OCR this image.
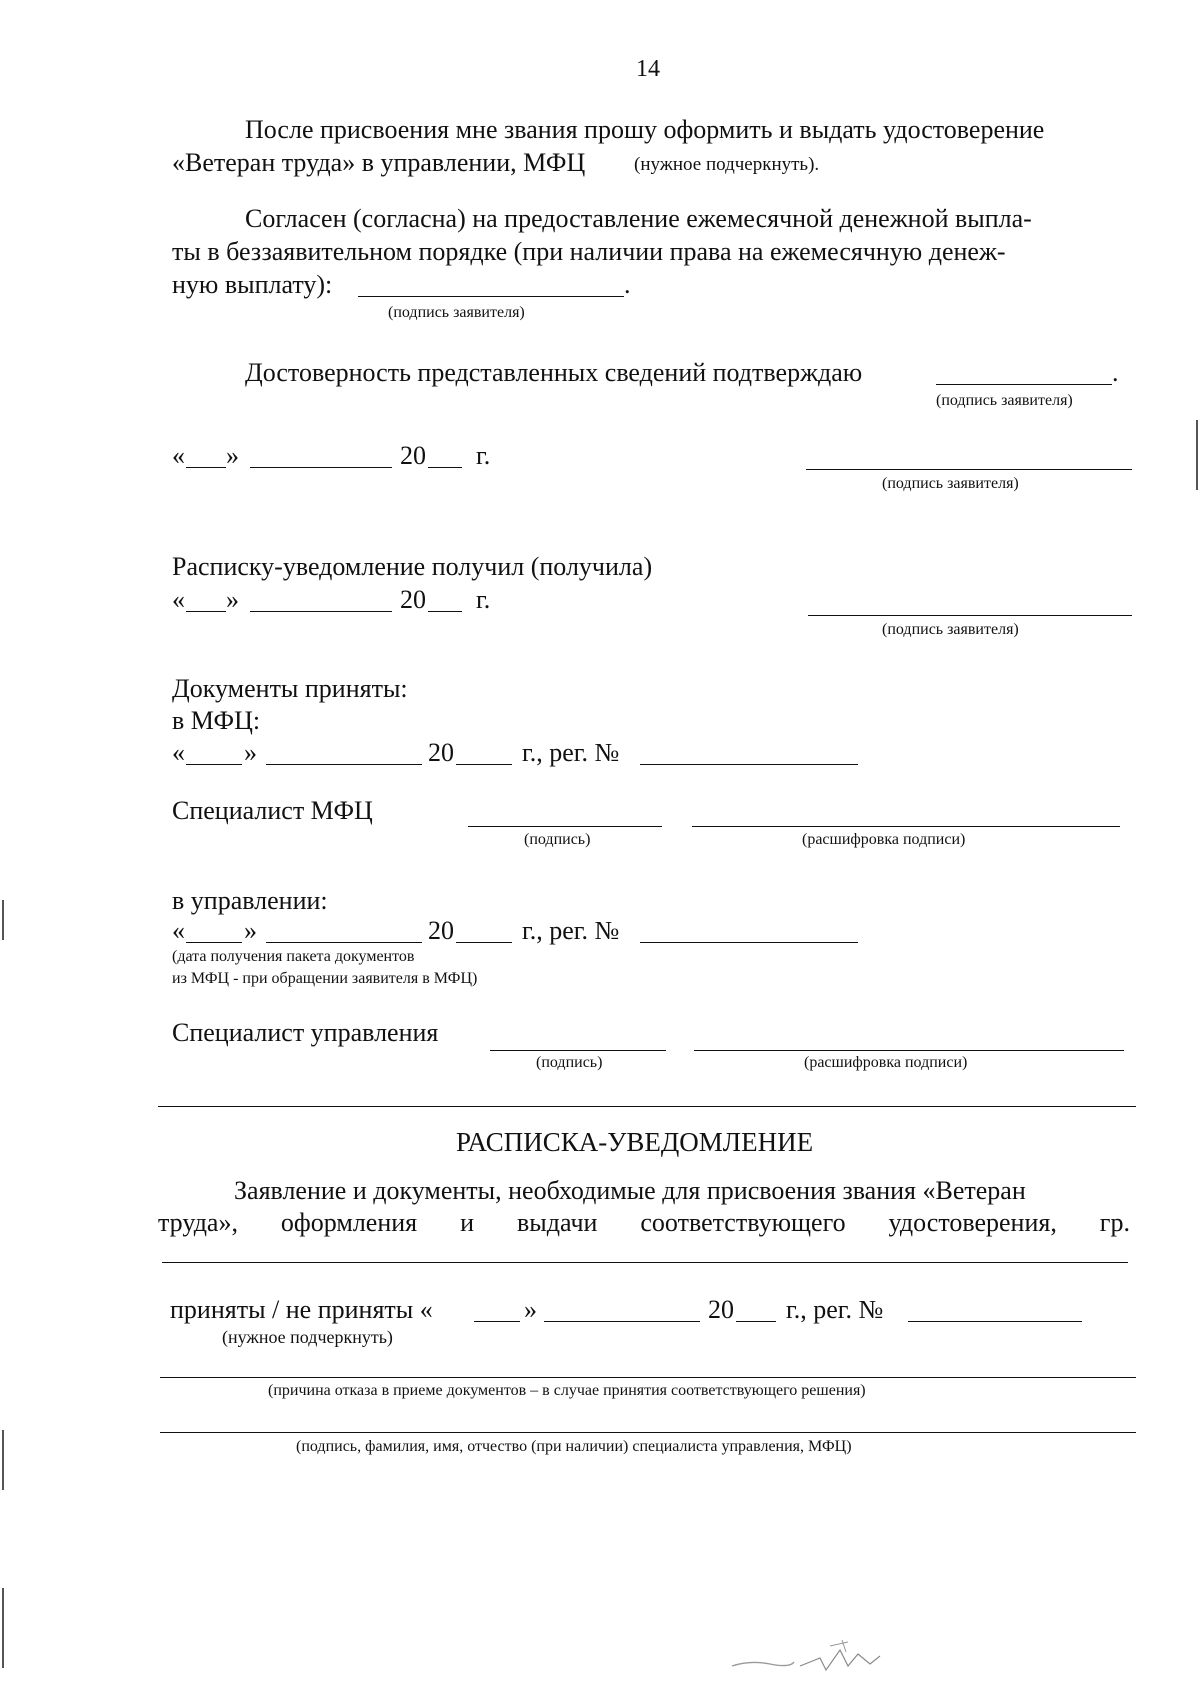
14
После присвоения мне звания прошу оформить и выдать удостоверение
«Ветеран труда» в управлении, МФЦ	(нужное подчеркнуть).
Согласен (согласна) на предоставление ежемесячной денежной выпла-
ты в беззаявительном порядке (при наличии права на ежемесячную денеж-
ную выплату):	.
(подпись заявителя)
Достоверность представленных сведений подтверждаю	.
(подпись заявителя)
« »	20 г.
(подпись заявителя)
Расписку-уведомление получил (получила)
« »	20 г.
(подпись заявителя)
Документы приняты:
в МФЦ:
« »	20	г., рег. №
Специалист МФЦ
(подпись)	(расшифровка подписи)
в управлении:
« »	20	г., рег. №
(дата получения пакета документов
из МФЦ - при обращении заявителя в МФЦ)
Специалист управления
(подпись)	(расшифровка подписи)
РАСПИСКА-УВЕДОМЛЕНИЕ
Заявление и документы, необходимые для присвоения звания «Ветеран
труда», оформления и выдачи соответствующего удостоверения, гр.
приняты / не приняты «	»	20 г., рег. №
(нужное подчеркнуть)
(причина отказа в приеме документов – в случае принятия соответствующего решения)
(подпись, фамилия, имя, отчество (при наличии) специалиста управления, МФЦ)
